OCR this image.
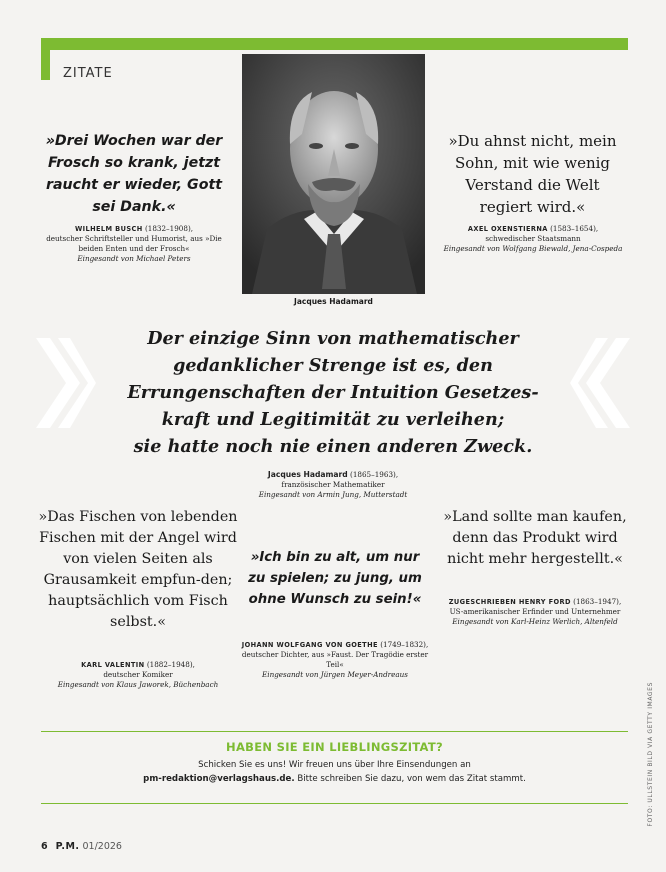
ZITATE
Jacques Hadamard
»Drei Wochen war der Frosch so krank, jetzt raucht er wieder, Gott sei Dank.«
WILHELM BUSCH (1832–1908),
deutscher Schriftsteller und Humorist, aus »Die beiden Enten und der Frosch«
Eingesandt von Michael Peters
»Du ahnst nicht, mein Sohn, mit wie wenig Verstand die Welt regiert wird.«
AXEL OXENSTIERNA (1583–1654),
schwedischer Staatsmann
Eingesandt von Wolfgang Biewald, Jena-Cospeda
Der einzige Sinn von mathematischer
gedanklicher Strenge ist es, den
Errungenschaften der Intuition Gesetzes-
kraft und Legitimität zu verleihen;
sie hatte noch nie einen anderen Zweck.
Jacques Hadamard (1865–1963),
französischer Mathematiker
Eingesandt von Armin Jung, Mutterstadt
»Das Fischen von lebenden Fischen mit der Angel wird von vielen Seiten als Grausamkeit empfun-den; hauptsächlich vom Fisch selbst.«
KARL VALENTIN (1882–1948),
deutscher Komiker
Eingesandt von Klaus Jaworek, Büchenbach
»Ich bin zu alt, um nur zu spielen; zu jung, um ohne Wunsch zu sein!«
JOHANN WOLFGANG VON GOETHE (1749–1832),
deutscher Dichter, aus »Faust. Der Tragödie erster Teil«
Eingesandt von Jürgen Meyer-Andreaus
»Land sollte man kaufen, denn das Produkt wird nicht mehr hergestellt.«
ZUGESCHRIEBEN HENRY FORD (1863–1947),
US-amerikanischer Erfinder und Unternehmer
Eingesandt von Karl-Heinz Werlich, Altenfeld
FOTO: ULLSTEIN BILD VIA GETTY IMAGES
HABEN SIE EIN LIEBLINGSZITAT?
Schicken Sie es uns! Wir freuen uns über Ihre Einsendungen an
pm-redaktion@verlagshaus.de. Bitte schreiben Sie dazu, von wem das Zitat stammt.
6 P.M. 01/2026
